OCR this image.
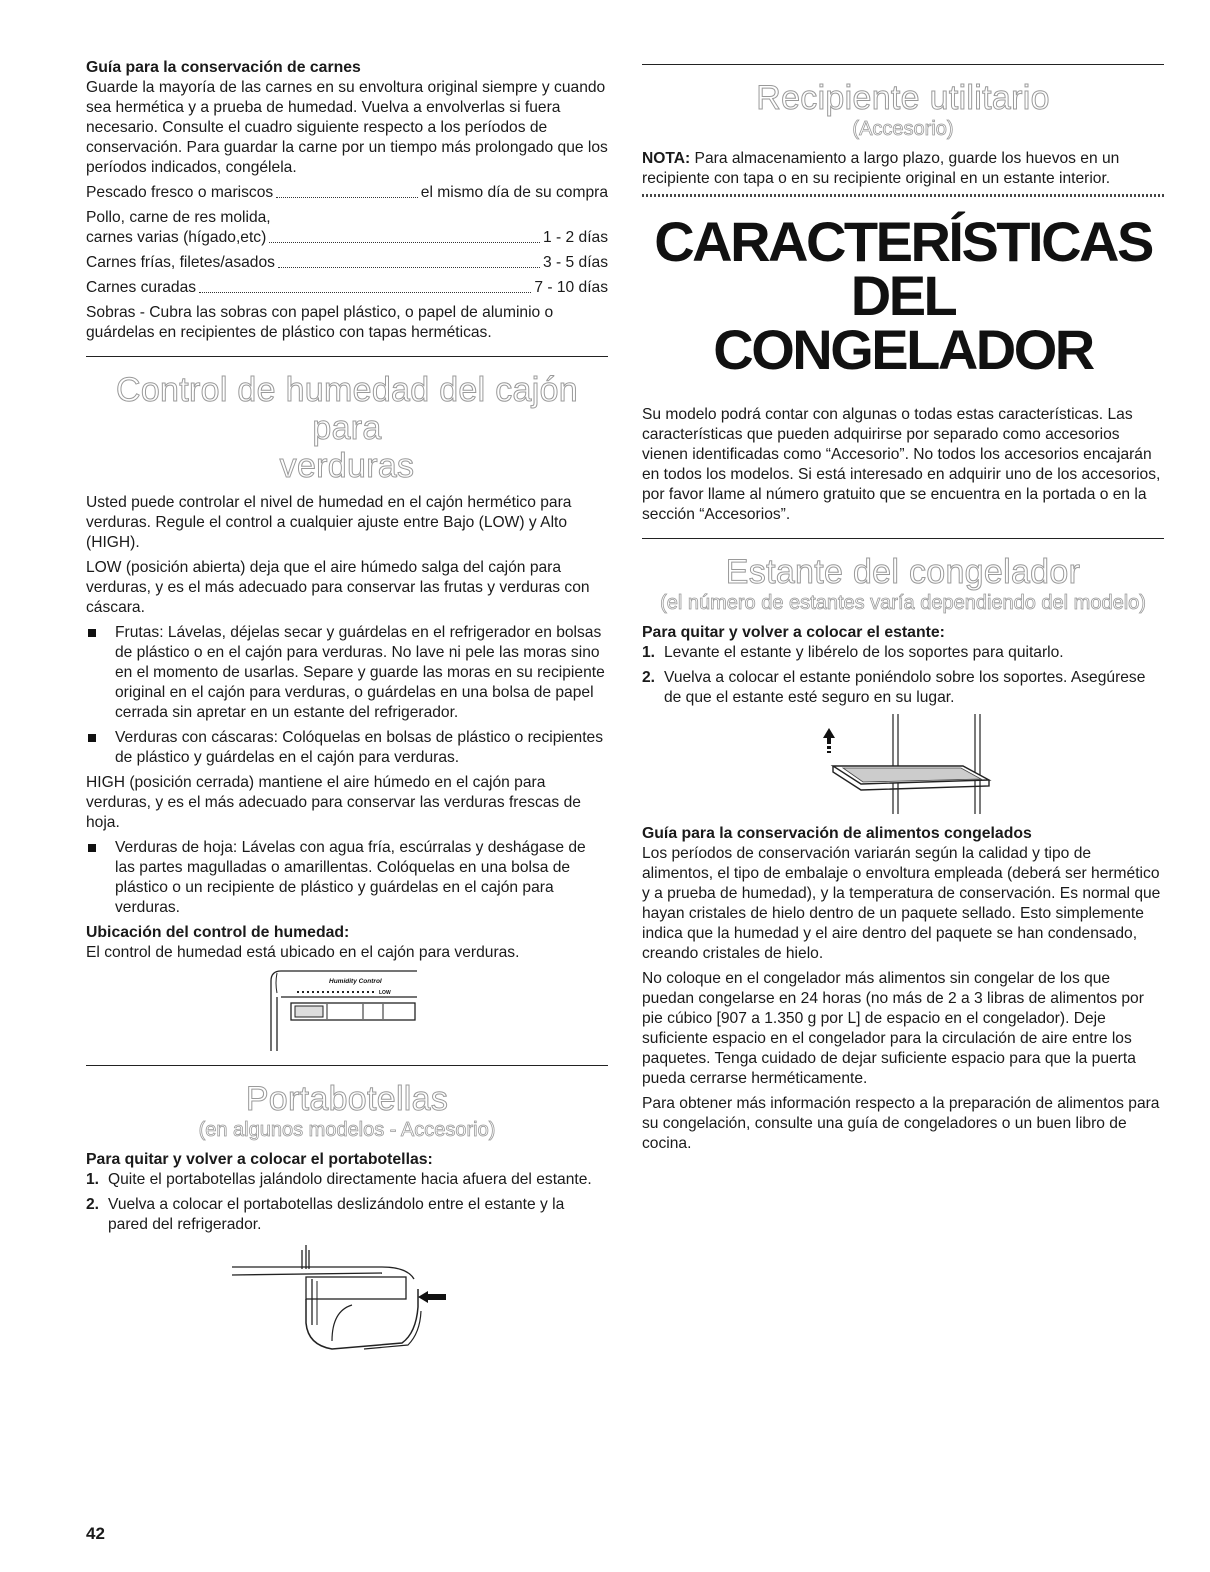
Guía para la conservación de carnes

Guarde la mayoría de las carnes en su envoltura original siempre y cuando sea hermética y a prueba de humedad. Vuelva a envolverlas si fuera necesario. Consulte el cuadro siguiente respecto a los períodos de conservación. Para guardar la carne por un tiempo más prolongado que los períodos indicados, congélela.

Pescado fresco o mariscos	el mismo día de su compra
Pollo, carne de res molida,
carnes varias (hígado,etc)	1 - 2 días
Carnes frías, filetes/asados	3 - 5 días
Carnes curadas	7 - 10 días

Sobras - Cubra las sobras con papel plástico, o papel de aluminio o guárdelas en recipientes de plástico con tapas herméticas.

Control de humedad del cajón para
verduras

Usted puede controlar el nivel de humedad en el cajón hermético para verduras. Regule el control a cualquier ajuste entre Bajo (LOW) y Alto (HIGH).

LOW (posición abierta) deja que el aire húmedo salga del cajón para verduras, y es el más adecuado para conservar las frutas y verduras con cáscara.

Frutas: Lávelas, déjelas secar y guárdelas en el refrigerador en bolsas de plástico o en el cajón para verduras. No lave ni pele las moras sino en el momento de usarlas. Separe y guarde las moras en su recipiente original en el cajón para verduras, o guárdelas en una bolsa de papel cerrada sin apretar en un estante del refrigerador.
Verduras con cáscaras: Colóquelas en bolsas de plástico o recipientes de plástico y guárdelas en el cajón para verduras.

HIGH (posición cerrada) mantiene el aire húmedo en el cajón para verduras, y es el más adecuado para conservar las verduras frescas de hoja.

Verduras de hoja: Lávelas con agua fría, escúrralas y deshágase de las partes magulladas o amarillentas. Colóquelas en una bolsa de plástico o un recipiente de plástico y guárdelas en el cajón para verduras.
Ubicación del control de humedad:

El control de humedad está ubicado en el cajón para verduras.

Humidity Control
LOW
Portabotellas
(en algunos modelos - Accesorio)
Para quitar y volver a colocar el portabotellas:
1. Quite el portabotellas jalándolo directamente hacia afuera del estante.
2. Vuelva a colocar el portabotellas deslizándolo entre el estante y la pared del refrigerador.
Recipiente utilitario
(Accesorio)

NOTA: Para almacenamiento a largo plazo, guarde los huevos en un recipiente con tapa o en su recipiente original en un estante interior.

CARACTERÍSTICAS DEL
CONGELADOR

Su modelo podrá contar con algunas o todas estas características. Las características que pueden adquirirse por separado como accesorios vienen identificadas como “Accesorio”. No todos los accesorios encajarán en todos los modelos. Si está interesado en adquirir uno de los accesorios, por favor llame al número gratuito que se encuentra en la portada o en la sección “Accesorios”.

Estante del congelador
(el número de estantes varía dependiendo del modelo)
Para quitar y volver a colocar el estante:
1. Levante el estante y libérelo de los soportes para quitarlo.
2. Vuelva a colocar el estante poniéndolo sobre los soportes. Asegúrese de que el estante esté seguro en su lugar.
Guía para la conservación de alimentos congelados

Los períodos de conservación variarán según la calidad y tipo de alimentos, el tipo de embalaje o envoltura empleada (deberá ser hermético y a prueba de humedad), y la temperatura de conservación. Es normal que hayan cristales de hielo dentro de un paquete sellado. Esto simplemente indica que la humedad y el aire dentro del paquete se han condensado, creando cristales de hielo.

No coloque en el congelador más alimentos sin congelar de los que puedan congelarse en 24 horas (no más de 2 a 3 libras de alimentos por pie cúbico [907 a 1.350 g por L] de espacio en el congelador). Deje suficiente espacio en el congelador para la circulación de aire entre los paquetes. Tenga cuidado de dejar suficiente espacio para que la puerta pueda cerrarse herméticamente.

Para obtener más información respecto a la preparación de alimentos para su congelación, consulte una guía de congeladores o un buen libro de cocina.

42
